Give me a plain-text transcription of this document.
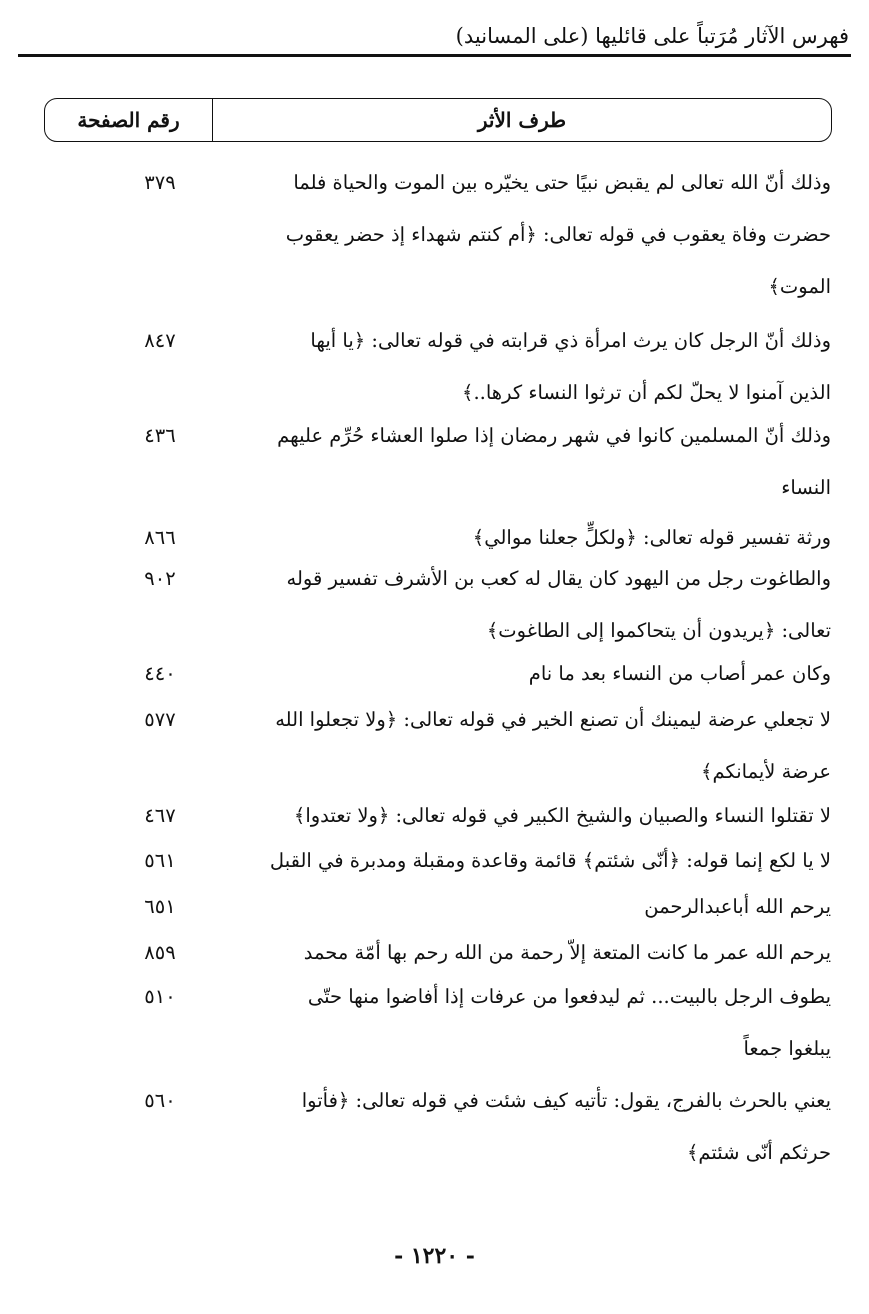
فهرس الآثار مُرَتباً على قائليها (على المسانيد)
طرف الأثر
رقم الصفحة
وذلك أنّ الله تعالى لم يقبض نبيًا حتى يخيّره بين الموت والحياة فلما
حضرت وفاة يعقوب في قوله تعالى: ﴿أم كنتم شهداء إذ حضر يعقوب
الموت﴾
٣٧٩
وذلك أنّ الرجل كان يرث امرأة ذي قرابته في قوله تعالى: ﴿يا أيها
الذين آمنوا لا يحلّ لكم أن ترثوا النساء كرها..﴾
٨٤٧
وذلك أنّ المسلمين كانوا في شهر رمضان إذا صلوا العشاء حُرِّم عليهم
النساء
٤٣٦
ورثة تفسير قوله تعالى: ﴿ولكلٍّ جعلنا موالي﴾
٨٦٦
والطاغوت رجل من اليهود كان يقال له كعب بن الأشرف تفسير قوله
تعالى: ﴿يريدون أن يتحاكموا إلى الطاغوت﴾
٩٠٢
وكان عمر أصاب من النساء بعد ما نام
٤٤٠
لا تجعلي عرضة ليمينك أن تصنع الخير في قوله تعالى: ﴿ولا تجعلوا الله
عرضة لأيمانكم﴾
٥٧٧
لا تقتلوا النساء والصبيان والشيخ الكبير في قوله تعالى: ﴿ولا تعتدوا﴾
٤٦٧
لا يا لكع إنما قوله: ﴿أنّى شئتم﴾ قائمة وقاعدة ومقبلة ومدبرة في القبل
٥٦١
يرحم الله أباعبدالرحمن
٦٥١
يرحم الله عمر ما كانت المتعة إلاّ رحمة من الله رحم بها أمّة محمد
٨٥٩
يطوف الرجل بالبيت... ثم ليدفعوا من عرفات إذا أفاضوا منها حتّى
يبلغوا جمعاً
٥١٠
يعني بالحرث بالفرج، يقول: تأتيه كيف شئت في قوله تعالى: ﴿فأتوا
حرثكم أنّى شئتم﴾
٥٦٠
- ١٢٢٠ -
